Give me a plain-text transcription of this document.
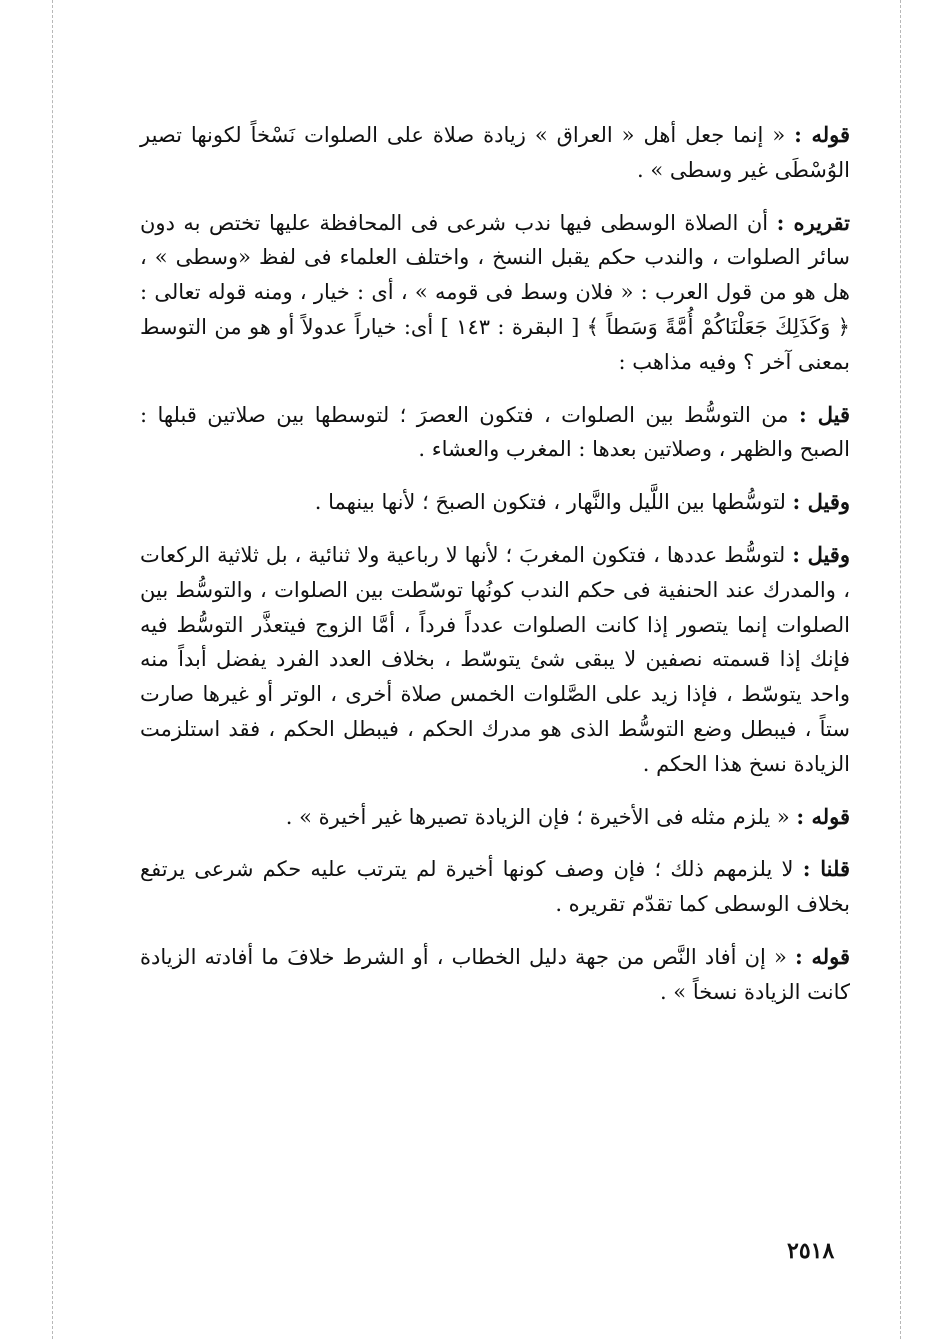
قوله : « إنما جعل أهل « العراق » زيادة صلاة على الصلوات نَسْخاً لكونها تصير الوُسْطَى غير وسطى » .

تقريره : أن الصلاة الوسطى فيها ندب شرعى فى المحافظة عليها تختص به دون سائر الصلوات ، والندب حكم يقبل النسخ ، واختلف العلماء فى لفظ «وسطى » ، هل هو من قول العرب : « فلان وسط فى قومه » ، أى : خيار ، ومنه قوله تعالى : ﴿ وَكَذَلِكَ جَعَلْنَاكُمْ أُمَّةً وَسَطاً ﴾ [ البقرة : ١٤٣ ] أى: خياراً عدولاً أو هو من التوسط بمعنى آخر ؟ وفيه مذاهب :

قيل : من التوسُّط بين الصلوات ، فتكون العصرَ ؛ لتوسطها بين صلاتين قبلها : الصبح والظهر ، وصلاتين بعدها : المغرب والعشاء .

وقيل : لتوسُّطها بين اللَّيل والنَّهار ، فتكون الصبحَ ؛ لأنها بينهما .

وقيل : لتوسُّط عددها ، فتكون المغربَ ؛ لأنها لا رباعية ولا ثنائية ، بل ثلاثية الركعات ، والمدرك عند الحنفية فى حكم الندب كونُها توسّطت بين الصلوات ، والتوسُّط بين الصلوات إنما يتصور إذا كانت الصلوات عدداً فرداً ، أمَّا الزوج فيتعذَّر التوسُّط فيه فإنك إذا قسمته نصفين لا يبقى شئ يتوسّط ، بخلاف العدد الفرد يفضل أبداً منه واحد يتوسّط ، فإذا زيد على الصَّلوات الخمس صلاة أخرى ، الوتر أو غيرها صارت ستاً ، فيبطل وضع التوسُّط الذى هو مدرك الحكم ، فيبطل الحكم ، فقد استلزمت الزيادة نسخ هذا الحكم .

قوله : « يلزم مثله فى الأخيرة ؛ فإن الزيادة تصيرها غير أخيرة » .

قلنا : لا يلزمهم ذلك ؛ فإن وصف كونها أخيرة لم يترتب عليه حكم شرعى يرتفع بخلاف الوسطى كما تقدّم تقريره .

قوله : « إن أفاد النَّص من جهة دليل الخطاب ، أو الشرط خلافَ ما أفادته الزيادة كانت الزيادة نسخاً » .

٢٥١٨
